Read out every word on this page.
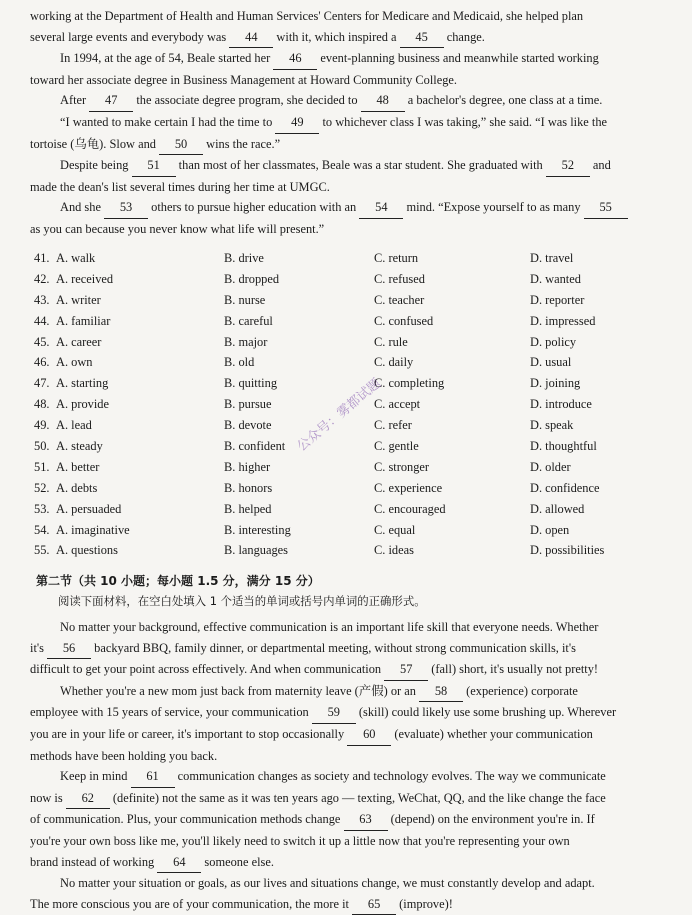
working at the Department of Health and Human Services' Centers for Medicare and Medicaid, she helped plan
several large events and everybody was 44 with it, which inspired a 45 change.
In 1994, at the age of 54, Beale started her 46 event-planning business and meanwhile started working
toward her associate degree in Business Management at Howard Community College.
After 47 the associate degree program, she decided to 48 a bachelor's degree, one class at a time.
“I wanted to make certain I had the time to 49 to whichever class I was taking,” she said. “I was like the
tortoise (乌龟). Slow and 50 wins the race.”
Despite being 51 than most of her classmates, Beale was a star student. She graduated with 52 and
made the dean's list several times during her time at UMGC.
And she 53 others to pursue higher education with an 54 mind. “Expose yourself to as many 55
as you can because you never know what life will present.”
41. A. walk	B. drive	C. return	D. travel
42. A. received	B. dropped	C. refused	D. wanted
43. A. writer	B. nurse	C. teacher	D. reporter
44. A. familiar	B. careful	C. confused	D. impressed
45. A. career	B. major	C. rule	D. policy
46. A. own	B. old	C. daily	D. usual
47. A. starting	B. quitting	C. completing	D. joining
48. A. provide	B. pursue	C. accept	D. introduce
49. A. lead	B. devote	C. refer	D. speak
50. A. steady	B. confident	C. gentle	D. thoughtful
51. A. better	B. higher	C. stronger	D. older
52. A. debts	B. honors	C. experience	D. confidence
53. A. persuaded	B. helped	C. encouraged	D. allowed
54. A. imaginative	B. interesting	C. equal	D. open
55. A. questions	B. languages	C. ideas	D. possibilities
第二节（共 10 小题；每小题 1.5 分，满分 15 分）
阅读下面材料，在空白处填入 1 个适当的单词或括号内单词的正确形式。
No matter your background, effective communication is an important life skill that everyone needs. Whether
it's 56 backyard BBQ, family dinner, or departmental meeting, without strong communication skills, it's
difficult to get your point across effectively. And when communication 57 (fall) short, it's usually not pretty!
Whether you're a new mom just back from maternity leave (产假) or an 58 (experience) corporate
employee with 15 years of service, your communication 59 (skill) could likely use some brushing up. Wherever
you are in your life or career, it's important to stop occasionally 60 (evaluate) whether your communication
methods have been holding you back.
Keep in mind 61 communication changes as society and technology evolves. The way we communicate
now is 62 (definite) not the same as it was ten years ago — texting, WeChat, QQ, and the like change the face
of communication. Plus, your communication methods change 63 (depend) on the environment you're in. If
you're your own boss like me, you'll likely need to switch it up a little now that you're representing your own
brand instead of working 64 someone else.
No matter your situation or goals, as our lives and situations change, we must constantly develop and adapt.
The more conscious you are of your communication, the more it 65 (improve)!
公众号：雾都试题
